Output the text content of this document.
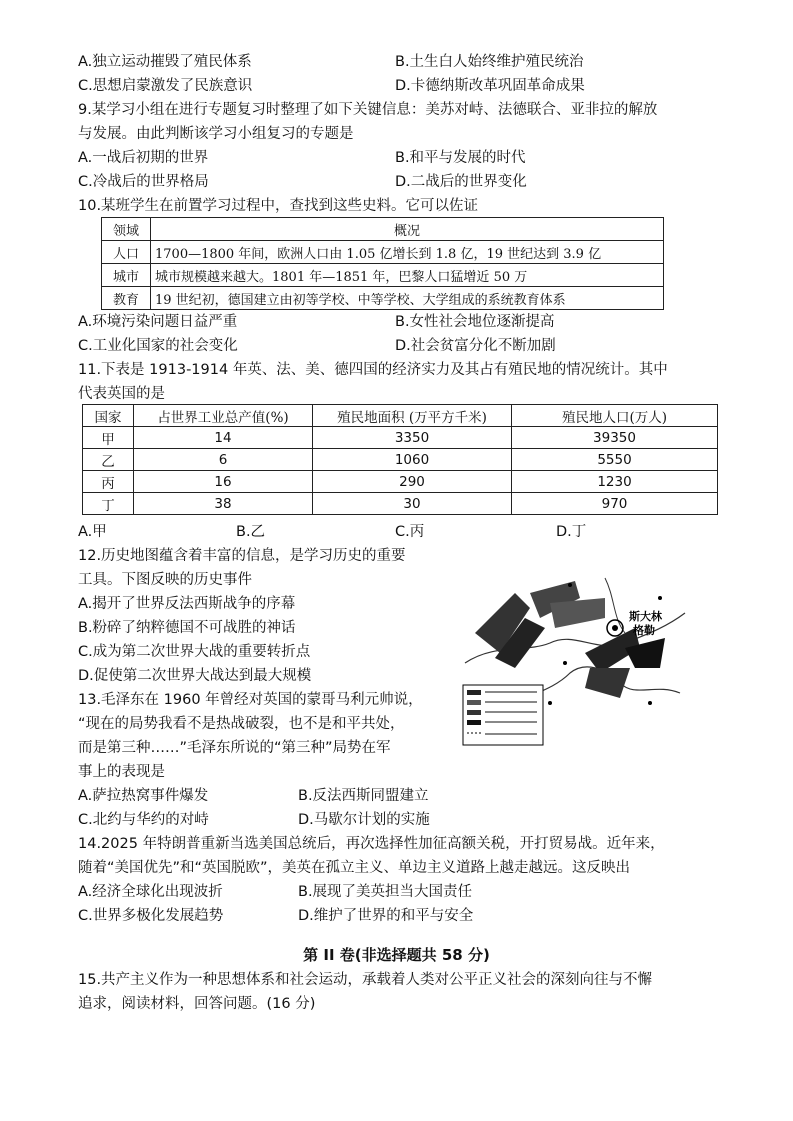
A.独立运动摧毁了殖民体系	B.土生白人始终维护殖民统治
C.思想启蒙激发了民族意识	D.卡德纳斯改革巩固革命成果
9.某学习小组在进行专题复习时整理了如下关键信息：美苏对峙、法德联合、亚非拉的解放
与发展。由此判断该学习小组复习的专题是
A.一战后初期的世界	B.和平与发展的时代
C.冷战后的世界格局	D.二战后的世界变化
10.某班学生在前置学习过程中，查找到这些史料。它可以佐证
领域	概况
人口	1700—1800 年间，欧洲人口由 1.05 亿增长到 1.8 亿，19 世纪达到 3.9 亿
城市	城市规模越来越大。1801 年—1851 年，巴黎人口猛增近 50 万
教育	19 世纪初，德国建立由初等学校、中等学校、大学组成的系统教育体系
A.环境污染问题日益严重	B.女性社会地位逐渐提高
C.工业化国家的社会变化	D.社会贫富分化不断加剧
11.下表是 1913-1914 年英、法、美、德四国的经济实力及其占有殖民地的情况统计。其中
代表英国的是
国家	占世界工业总产值(%)	殖民地面积 (万平方千米)	殖民地人口(万人)
甲	14	3350	39350
乙	6	1060	5550
丙	16	290	1230
丁	38	30	970
A.甲	B.乙	C.丙	D.丁
12.历史地图蕴含着丰富的信息，是学习历史的重要
工具。下图反映的历史事件
A.揭开了世界反法西斯战争的序幕
B.粉碎了纳粹德国不可战胜的神话
C.成为第二次世界大战的重要转折点
D.促使第二次世界大战达到最大规模
斯大林
格勒
13.毛泽东在 1960 年曾经对英国的蒙哥马利元帅说，
“现在的局势我看不是热战破裂，也不是和平共处，
而是第三种……”毛泽东所说的“第三种”局势在军
事上的表现是
A.萨拉热窝事件爆发	B.反法西斯同盟建立
C.北约与华约的对峙	D.马歇尔计划的实施
14.2025 年特朗普重新当选美国总统后，再次选择性加征高额关税，开打贸易战。近年来，
随着“美国优先”和“英国脱欧”，美英在孤立主义、单边主义道路上越走越远。这反映出
A.经济全球化出现波折	B.展现了美英担当大国责任
C.世界多极化发展趋势	D.维护了世界的和平与安全
第 II 卷(非选择题共 58 分)
15.共产主义作为一种思想体系和社会运动，承载着人类对公平正义社会的深刻向往与不懈
追求，阅读材料，回答问题。(16 分)
